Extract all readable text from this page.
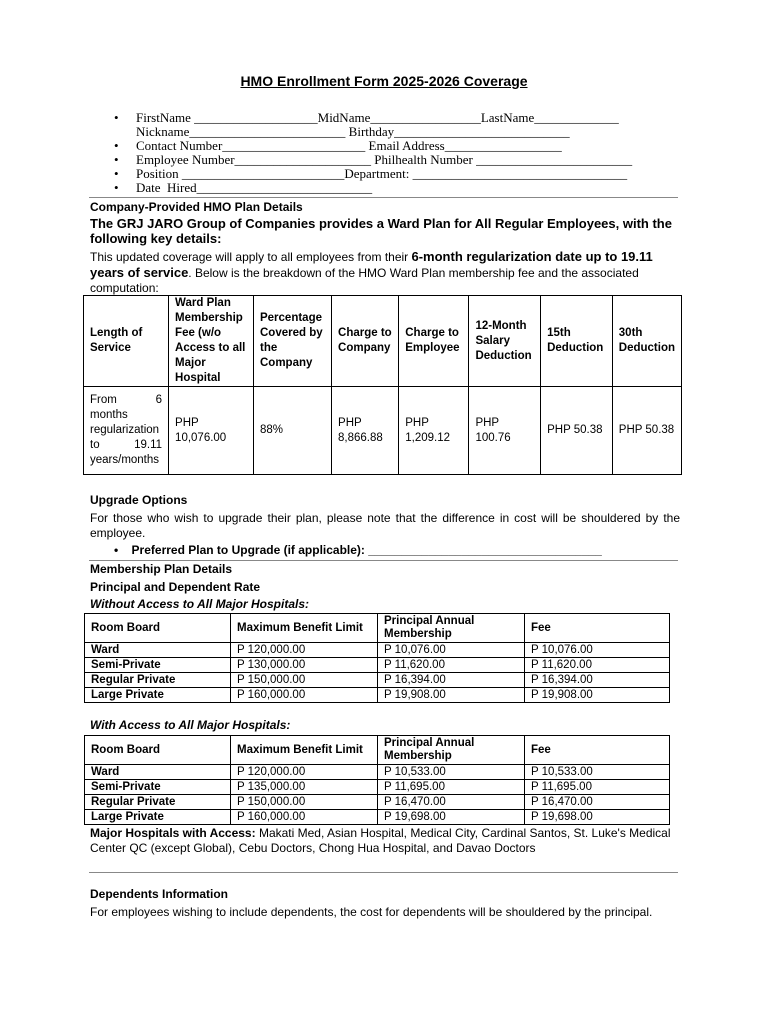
HMO Enrollment Form 2025-2026 Coverage
• FirstName ___________________MidName_________________LastName_____________
Nickname________________________ Birthday___________________________
• Contact Number______________________ Email Address__________________
• Employee Number_____________________ Philhealth Number ________________________
• Position _________________________Department: _________________________________
• Date  Hired___________________________
Company-Provided HMO Plan Details
The GRJ JARO Group of Companies provides a Ward Plan for All Regular Employees, with the following key details:
This updated coverage will apply to all employees from their 6-month regularization date up to 19.11 years of service. Below is the breakdown of the HMO Ward Plan membership fee and the associated computation:
Length of Service	Ward Plan Membership Fee (w/o Access to all Major Hospital	Percentage Covered by the Company	Charge to Company	Charge to Employee	12-Month Salary Deduction	15th Deduction	30th Deduction
From 6 months regularization to 19.11 years/months	PHP 10,076.00	88%	PHP 8,866.88	PHP 1,209.12	PHP 100.76	PHP 50.38	PHP 50.38
Upgrade Options
For those who wish to upgrade their plan, please note that the difference in cost will be shouldered by the employee.
• Preferred Plan to Upgrade (if applicable): ___________________________________
Membership Plan Details
Principal and Dependent Rate
Without Access to All Major Hospitals:
Room Board	Maximum Benefit Limit	Principal Annual Membership	Fee
Ward	P 120,000.00	P 10,076.00	P 10,076.00
Semi-Private	P 130,000.00	P 11,620.00	P 11,620.00
Regular Private	P 150,000.00	P 16,394.00	P 16,394.00
Large Private	P 160,000.00	P 19,908.00	P 19,908.00
With Access to All Major Hospitals:
Room Board	Maximum Benefit Limit	Principal Annual Membership	Fee
Ward	P 120,000.00	P 10,533.00	P 10,533.00
Semi-Private	P 135,000.00	P 11,695.00	P 11,695.00
Regular Private	P 150,000.00	P 16,470.00	P 16,470.00
Large Private	P 160,000.00	P 19,698.00	P 19,698.00
Major Hospitals with Access: Makati Med, Asian Hospital, Medical City, Cardinal Santos, St. Luke's Medical Center QC (except Global), Cebu Doctors, Chong Hua Hospital, and Davao Doctors
Dependents Information
For employees wishing to include dependents, the cost for dependents will be shouldered by the principal.
